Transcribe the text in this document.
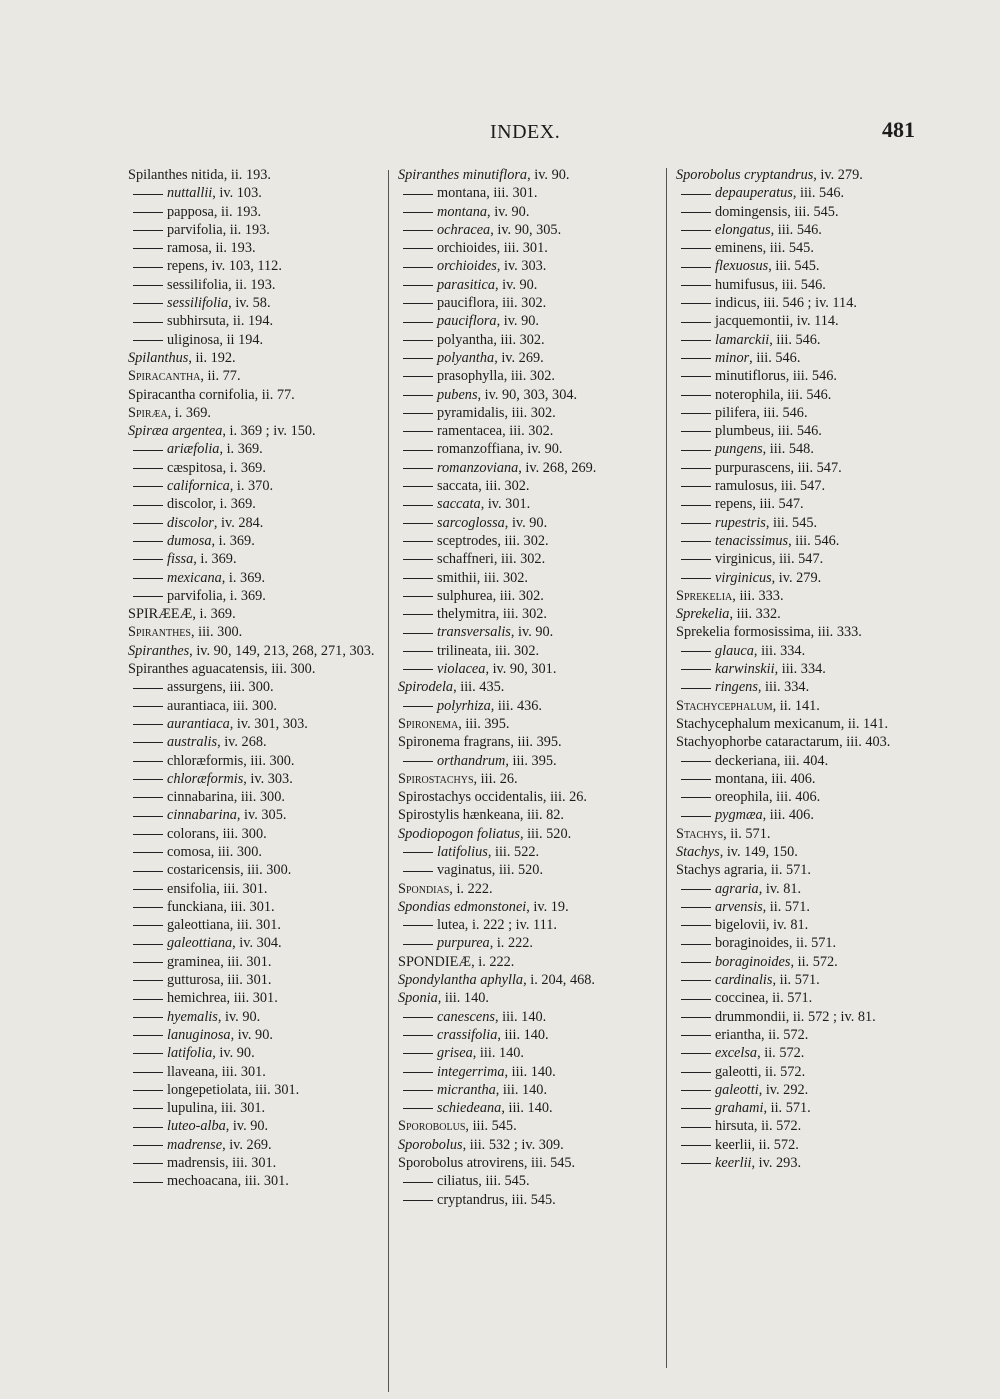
INDEX.	481
Spilanthes nitida, ii. 193.
nuttallii, iv. 103.
papposa, ii. 193.
parvifolia, ii. 193.
ramosa, ii. 193.
repens, iv. 103, 112.
sessilifolia, ii. 193.
sessilifolia, iv. 58.
subhirsuta, ii. 194.
uliginosa, ii 194.
Spilanthus, ii. 192.
Spiracantha, ii. 77.
Spiracantha cornifolia, ii. 77.
Spiræa, i. 369.
Spiræa argentea, i. 369 ; iv. 150.
ariæfolia, i. 369.
cæspitosa, i. 369.
californica, i. 370.
discolor, i. 369.
discolor, iv. 284.
dumosa, i. 369.
fissa, i. 369.
mexicana, i. 369.
parvifolia, i. 369.
SPIRÆEÆ, i. 369.
Spiranthes, iii. 300.
Spiranthes, iv. 90, 149, 213, 268, 271, 303.
Spiranthes aguacatensis, iii. 300.
assurgens, iii. 300.
aurantiaca, iii. 300.
aurantiaca, iv. 301, 303.
australis, iv. 268.
chloræformis, iii. 300.
chloræformis, iv. 303.
cinnabarina, iii. 300.
cinnabarina, iv. 305.
colorans, iii. 300.
comosa, iii. 300.
costaricensis, iii. 300.
ensifolia, iii. 301.
funckiana, iii. 301.
galeottiana, iii. 301.
galeottiana, iv. 304.
graminea, iii. 301.
gutturosa, iii. 301.
hemichrea, iii. 301.
hyemalis, iv. 90.
lanuginosa, iv. 90.
latifolia, iv. 90.
llaveana, iii. 301.
longepetiolata, iii. 301.
lupulina, iii. 301.
luteo-alba, iv. 90.
madrense, iv. 269.
madrensis, iii. 301.
mechoacana, iii. 301.
Spiranthes minutiflora, iv. 90.
montana, iii. 301.
montana, iv. 90.
ochracea, iv. 90, 305.
orchioides, iii. 301.
orchioides, iv. 303.
parasitica, iv. 90.
pauciflora, iii. 302.
pauciflora, iv. 90.
polyantha, iii. 302.
polyantha, iv. 269.
prasophylla, iii. 302.
pubens, iv. 90, 303, 304.
pyramidalis, iii. 302.
ramentacea, iii. 302.
romanzoffiana, iv. 90.
romanzoviana, iv. 268, 269.
saccata, iii. 302.
saccata, iv. 301.
sarcoglossa, iv. 90.
sceptrodes, iii. 302.
schaffneri, iii. 302.
smithii, iii. 302.
sulphurea, iii. 302.
thelymitra, iii. 302.
transversalis, iv. 90.
trilineata, iii. 302.
violacea, iv. 90, 301.
Spirodela, iii. 435.
polyrhiza, iii. 436.
Spironema, iii. 395.
Spironema fragrans, iii. 395.
orthandrum, iii. 395.
Spirostachys, iii. 26.
Spirostachys occidentalis, iii. 26.
Spirostylis hænkeana, iii. 82.
Spodiopogon foliatus, iii. 520.
latifolius, iii. 522.
vaginatus, iii. 520.
Spondias, i. 222.
Spondias edmonstonei, iv. 19.
lutea, i. 222 ; iv. 111.
purpurea, i. 222.
SPONDIEÆ, i. 222.
Spondylantha aphylla, i. 204, 468.
Sponia, iii. 140.
canescens, iii. 140.
crassifolia, iii. 140.
grisea, iii. 140.
integerrima, iii. 140.
micrantha, iii. 140.
schiedeana, iii. 140.
Sporobolus, iii. 545.
Sporobolus, iii. 532 ; iv. 309.
Sporobolus atrovirens, iii. 545.
ciliatus, iii. 545.
cryptandrus, iii. 545.
Sporobolus cryptandrus, iv. 279.
depauperatus, iii. 546.
domingensis, iii. 545.
elongatus, iii. 546.
eminens, iii. 545.
flexuosus, iii. 545.
humifusus, iii. 546.
indicus, iii. 546 ; iv. 114.
jacquemontii, iv. 114.
lamarckii, iii. 546.
minor, iii. 546.
minutiflorus, iii. 546.
noterophila, iii. 546.
pilifera, iii. 546.
plumbeus, iii. 546.
pungens, iii. 548.
purpurascens, iii. 547.
ramulosus, iii. 547.
repens, iii. 547.
rupestris, iii. 545.
tenacissimus, iii. 546.
virginicus, iii. 547.
virginicus, iv. 279.
Sprekelia, iii. 333.
Sprekelia, iii. 332.
Sprekelia formosissima, iii. 333.
glauca, iii. 334.
karwinskii, iii. 334.
ringens, iii. 334.
Stachycephalum, ii. 141.
Stachycephalum mexicanum, ii. 141.
Stachyophorbe cataractarum, iii. 403.
deckeriana, iii. 404.
montana, iii. 406.
oreophila, iii. 406.
pygmæa, iii. 406.
Stachys, ii. 571.
Stachys, iv. 149, 150.
Stachys agraria, ii. 571.
agraria, iv. 81.
arvensis, ii. 571.
bigelovii, iv. 81.
boraginoides, ii. 571.
boraginoides, ii. 572.
cardinalis, ii. 571.
coccinea, ii. 571.
drummondii, ii. 572 ; iv. 81.
eriantha, ii. 572.
excelsa, ii. 572.
galeotti, ii. 572.
galeotti, iv. 292.
grahami, ii. 571.
hirsuta, ii. 572.
keerlii, ii. 572.
keerlii, iv. 293.
